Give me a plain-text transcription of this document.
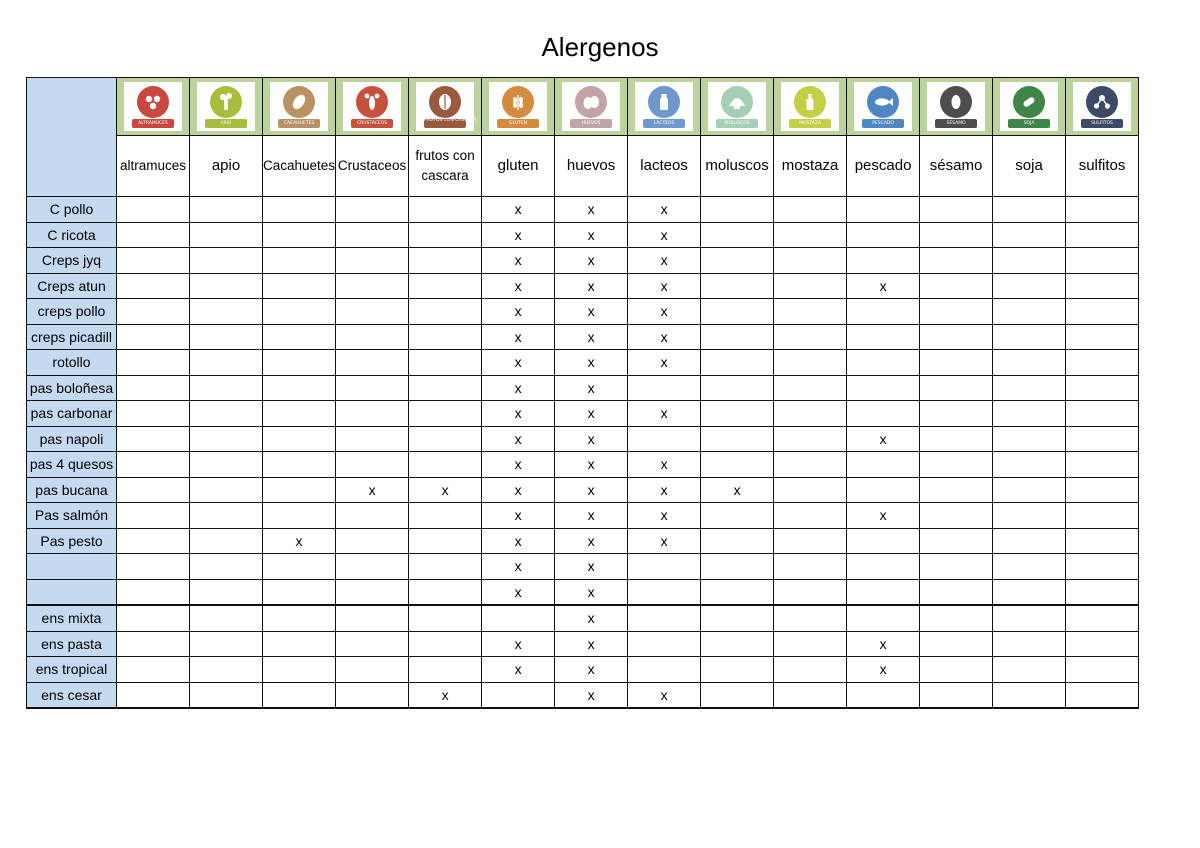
Alergenos

	ALTRAMUCES	APIO	CACAHUETES	CRUSTÁCEOS	FRUTOS CON CÁSCARA	GLUTEN	HUEVOS	LÁCTEOS	MOLUSCOS	MOSTAZA	PESCADO	SÉSAMO	SOJA	SULFITOS

	altramuces	apio	Cacahuetes	Crustaceos	frutos con cascara	gluten	huevos	lacteos	moluscos	mostaza	pescado	sésamo	soja	sulfitos
C pollo						x	x	x						
C ricota						x	x	x						
Creps jyq						x	x	x						
Creps atun						x	x	x			x			
creps pollo						x	x	x						
creps picadill						x	x	x						
rotollo						x	x	x						
pas boloñesa						x	x							
pas carbonar						x	x	x						
pas napoli						x	x				x			
pas 4 quesos						x	x	x						
pas bucana				x	x	x	x	x	x					
Pas salmón						x	x	x			x			
Pas pesto			x			x	x	x						
						x	x							
						x	x							

ens mixta							x							
ens pasta						x	x				x			
ens tropical						x	x				x			
ens cesar					x		x	x						
